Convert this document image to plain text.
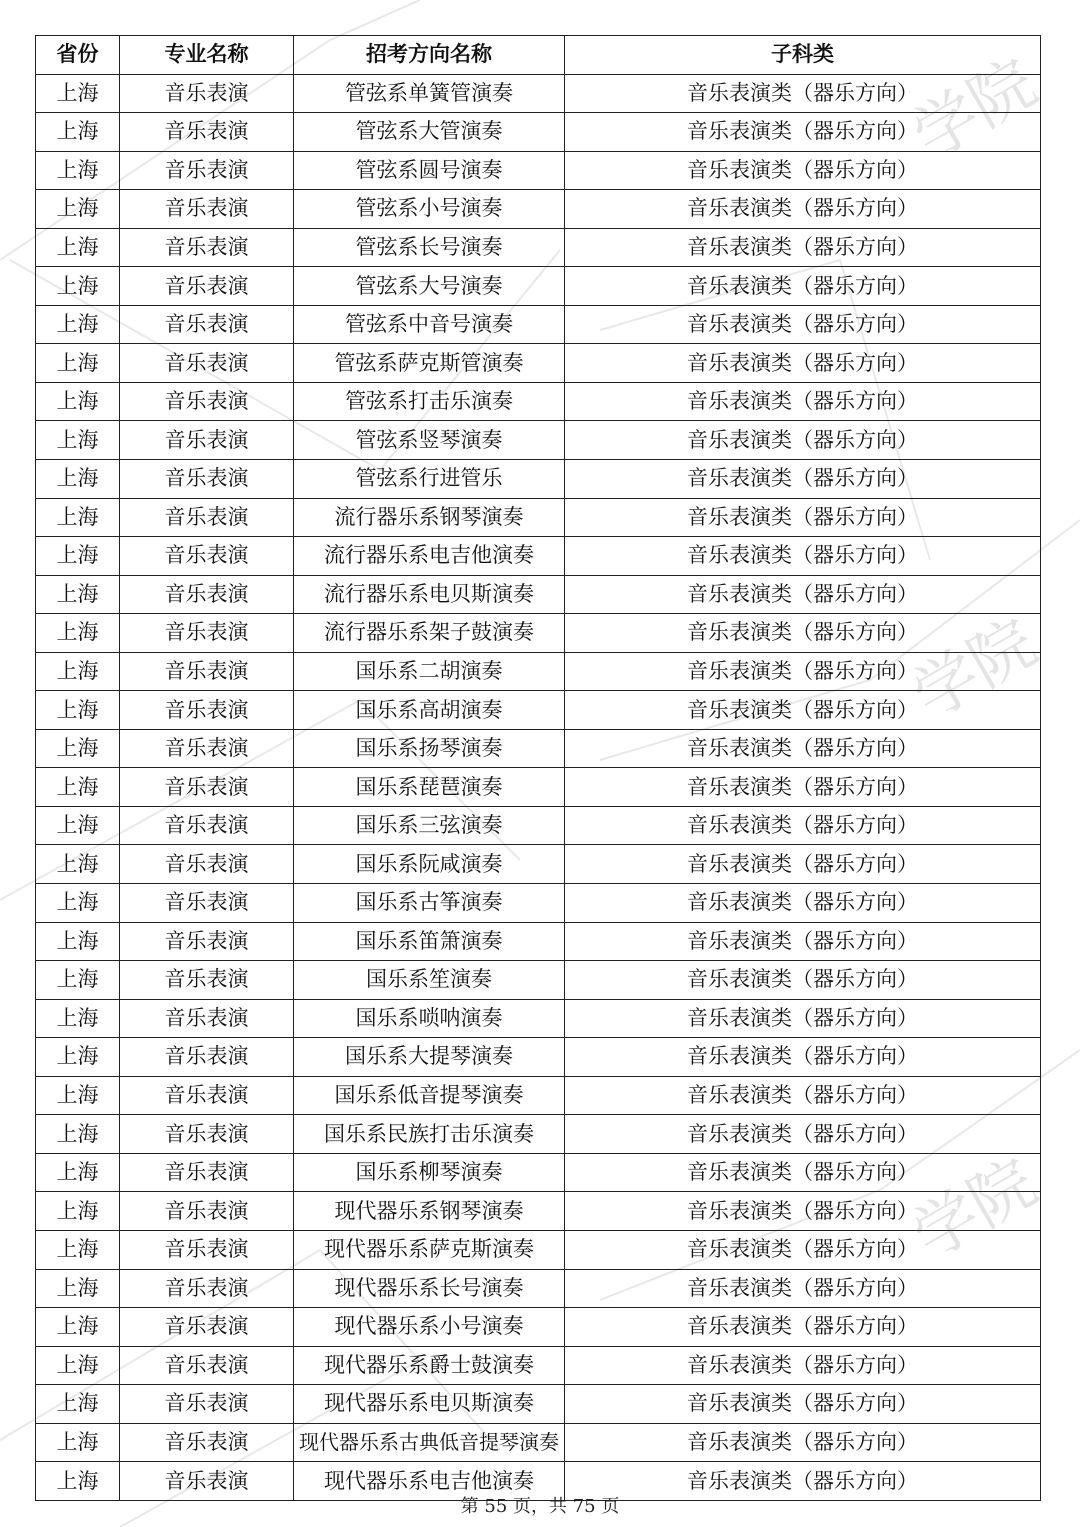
学院
学院
学院
省份	专业名称	招考方向名称	子科类
上海	音乐表演	管弦系单簧管演奏	音乐表演类（器乐方向）
上海	音乐表演	管弦系大管演奏	音乐表演类（器乐方向）
上海	音乐表演	管弦系圆号演奏	音乐表演类（器乐方向）
上海	音乐表演	管弦系小号演奏	音乐表演类（器乐方向）
上海	音乐表演	管弦系长号演奏	音乐表演类（器乐方向）
上海	音乐表演	管弦系大号演奏	音乐表演类（器乐方向）
上海	音乐表演	管弦系中音号演奏	音乐表演类（器乐方向）
上海	音乐表演	管弦系萨克斯管演奏	音乐表演类（器乐方向）
上海	音乐表演	管弦系打击乐演奏	音乐表演类（器乐方向）
上海	音乐表演	管弦系竖琴演奏	音乐表演类（器乐方向）
上海	音乐表演	管弦系行进管乐	音乐表演类（器乐方向）
上海	音乐表演	流行器乐系钢琴演奏	音乐表演类（器乐方向）
上海	音乐表演	流行器乐系电吉他演奏	音乐表演类（器乐方向）
上海	音乐表演	流行器乐系电贝斯演奏	音乐表演类（器乐方向）
上海	音乐表演	流行器乐系架子鼓演奏	音乐表演类（器乐方向）
上海	音乐表演	国乐系二胡演奏	音乐表演类（器乐方向）
上海	音乐表演	国乐系高胡演奏	音乐表演类（器乐方向）
上海	音乐表演	国乐系扬琴演奏	音乐表演类（器乐方向）
上海	音乐表演	国乐系琵琶演奏	音乐表演类（器乐方向）
上海	音乐表演	国乐系三弦演奏	音乐表演类（器乐方向）
上海	音乐表演	国乐系阮咸演奏	音乐表演类（器乐方向）
上海	音乐表演	国乐系古筝演奏	音乐表演类（器乐方向）
上海	音乐表演	国乐系笛箫演奏	音乐表演类（器乐方向）
上海	音乐表演	国乐系笙演奏	音乐表演类（器乐方向）
上海	音乐表演	国乐系唢呐演奏	音乐表演类（器乐方向）
上海	音乐表演	国乐系大提琴演奏	音乐表演类（器乐方向）
上海	音乐表演	国乐系低音提琴演奏	音乐表演类（器乐方向）
上海	音乐表演	国乐系民族打击乐演奏	音乐表演类（器乐方向）
上海	音乐表演	国乐系柳琴演奏	音乐表演类（器乐方向）
上海	音乐表演	现代器乐系钢琴演奏	音乐表演类（器乐方向）
上海	音乐表演	现代器乐系萨克斯演奏	音乐表演类（器乐方向）
上海	音乐表演	现代器乐系长号演奏	音乐表演类（器乐方向）
上海	音乐表演	现代器乐系小号演奏	音乐表演类（器乐方向）
上海	音乐表演	现代器乐系爵士鼓演奏	音乐表演类（器乐方向）
上海	音乐表演	现代器乐系电贝斯演奏	音乐表演类（器乐方向）
上海	音乐表演	现代器乐系古典低音提琴演奏	音乐表演类（器乐方向）
上海	音乐表演	现代器乐系电吉他演奏	音乐表演类（器乐方向）
第 55 页，共 75 页
